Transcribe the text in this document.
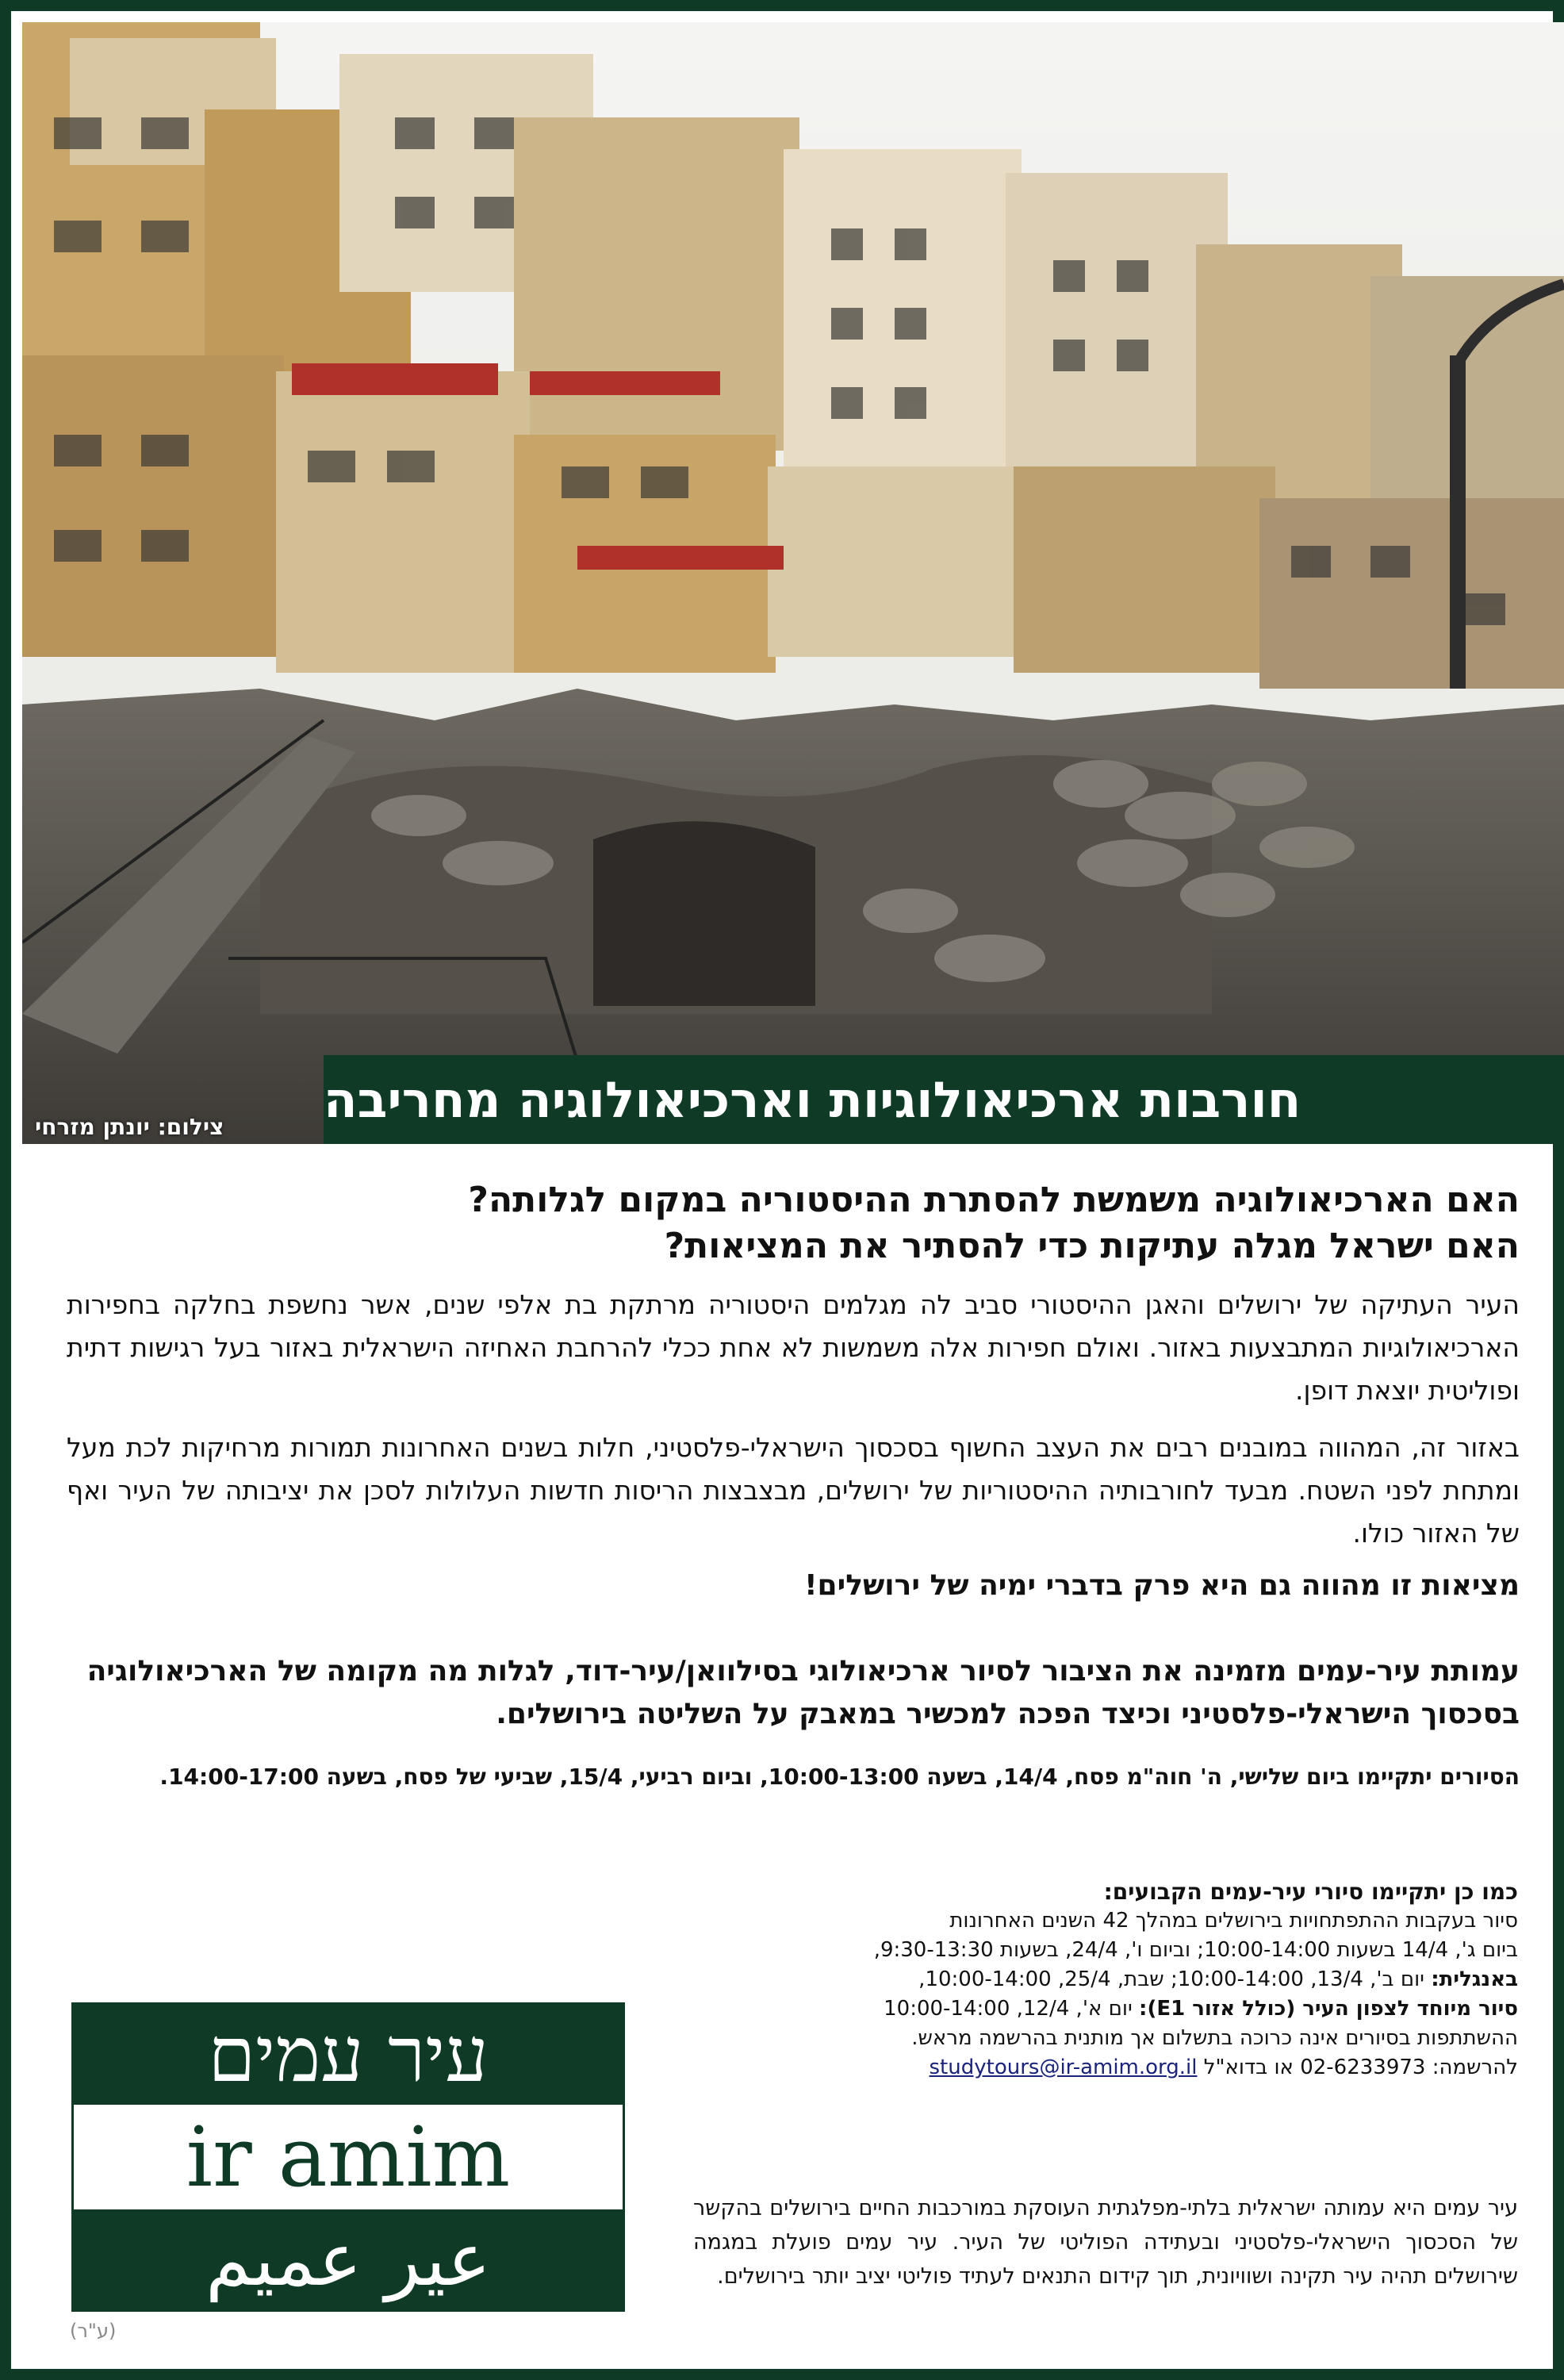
צילום: יונתן מזרחי חורבות ארכיאולוגיות וארכיאולוגיה מחריבה

האם הארכיאולוגיה משמשת להסתרת ההיסטוריה במקום לגלותה?

האם ישראל מגלה עתיקות כדי להסתיר את המציאות?

העיר העתיקה של ירושלים והאגן ההיסטורי סביב לה מגלמים היסטוריה מרתקת בת אלפי שנים, אשר נחשפת בחלקה בחפירות הארכיאולוגיות המתבצעות באזור. ואולם חפירות אלה משמשות לא אחת ככלי להרחבת האחיזה הישראלית באזור בעל רגישות דתית ופוליטית יוצאת דופן.

באזור זה, המהווה במובנים רבים את העצב החשוף בסכסוך הישראלי-פלסטיני, חלות בשנים האחרונות תמורות מרחיקות לכת מעל ומתחת לפני השטח. מבעד לחורבותיה ההיסטוריות של ירושלים, מבצבצות הריסות חדשות העלולות לסכן את יציבותה של העיר ואף של האזור כולו.

מציאות זו מהווה גם היא פרק בדברי ימיה של ירושלים!

עמותת עיר-עמים מזמינה את הציבור לסיור ארכיאולוגי בסילוואן/עיר-דוד, לגלות מה מקומה של הארכיאולוגיה בסכסוך הישראלי-פלסטיני וכיצד הפכה למכשיר במאבק על השליטה בירושלים.

הסיורים יתקיימו ביום שלישי, ה' חוה"מ פסח, 14/4, בשעה 10:00-13:00, וביום רביעי, 15/4, שביעי של פסח, בשעה 14:00-17:00.

כמו כן יתקיימו סיורי עיר-עמים הקבועים:
סיור בעקבות ההתפתחויות בירושלים במהלך 42 השנים האחרונות
ביום ג', 14/4 בשעות 10:00-14:00; וביום ו', 24/4, בשעות 9:30-13:30,
באנגלית: יום ב', 13/4, 10:00-14:00; שבת, 25/4, 10:00-14:00,
סיור מיוחד לצפון העיר (כולל אזור E1): יום א', 12/4, 10:00-14:00
ההשתתפות בסיורים אינה כרוכה בתשלום אך מותנית בהרשמה מראש.
להרשמה: 02-6233973 או בדוא"ל studytours@ir-amim.org.il
עיר עמים היא עמותה ישראלית בלתי-מפלגתית העוסקת במורכבות החיים בירושלים בהקשר של הסכסוך הישראלי-פלסטיני ובעתידה הפוליטי של העיר. עיר עמים פועלת במגמה שירושלים תהיה עיר תקינה ושוויונית, תוך קידום התנאים לעתיד פוליטי יציב יותר בירושלים.
עיר עמים
ir amim
عير عميم
(ע"ר)
